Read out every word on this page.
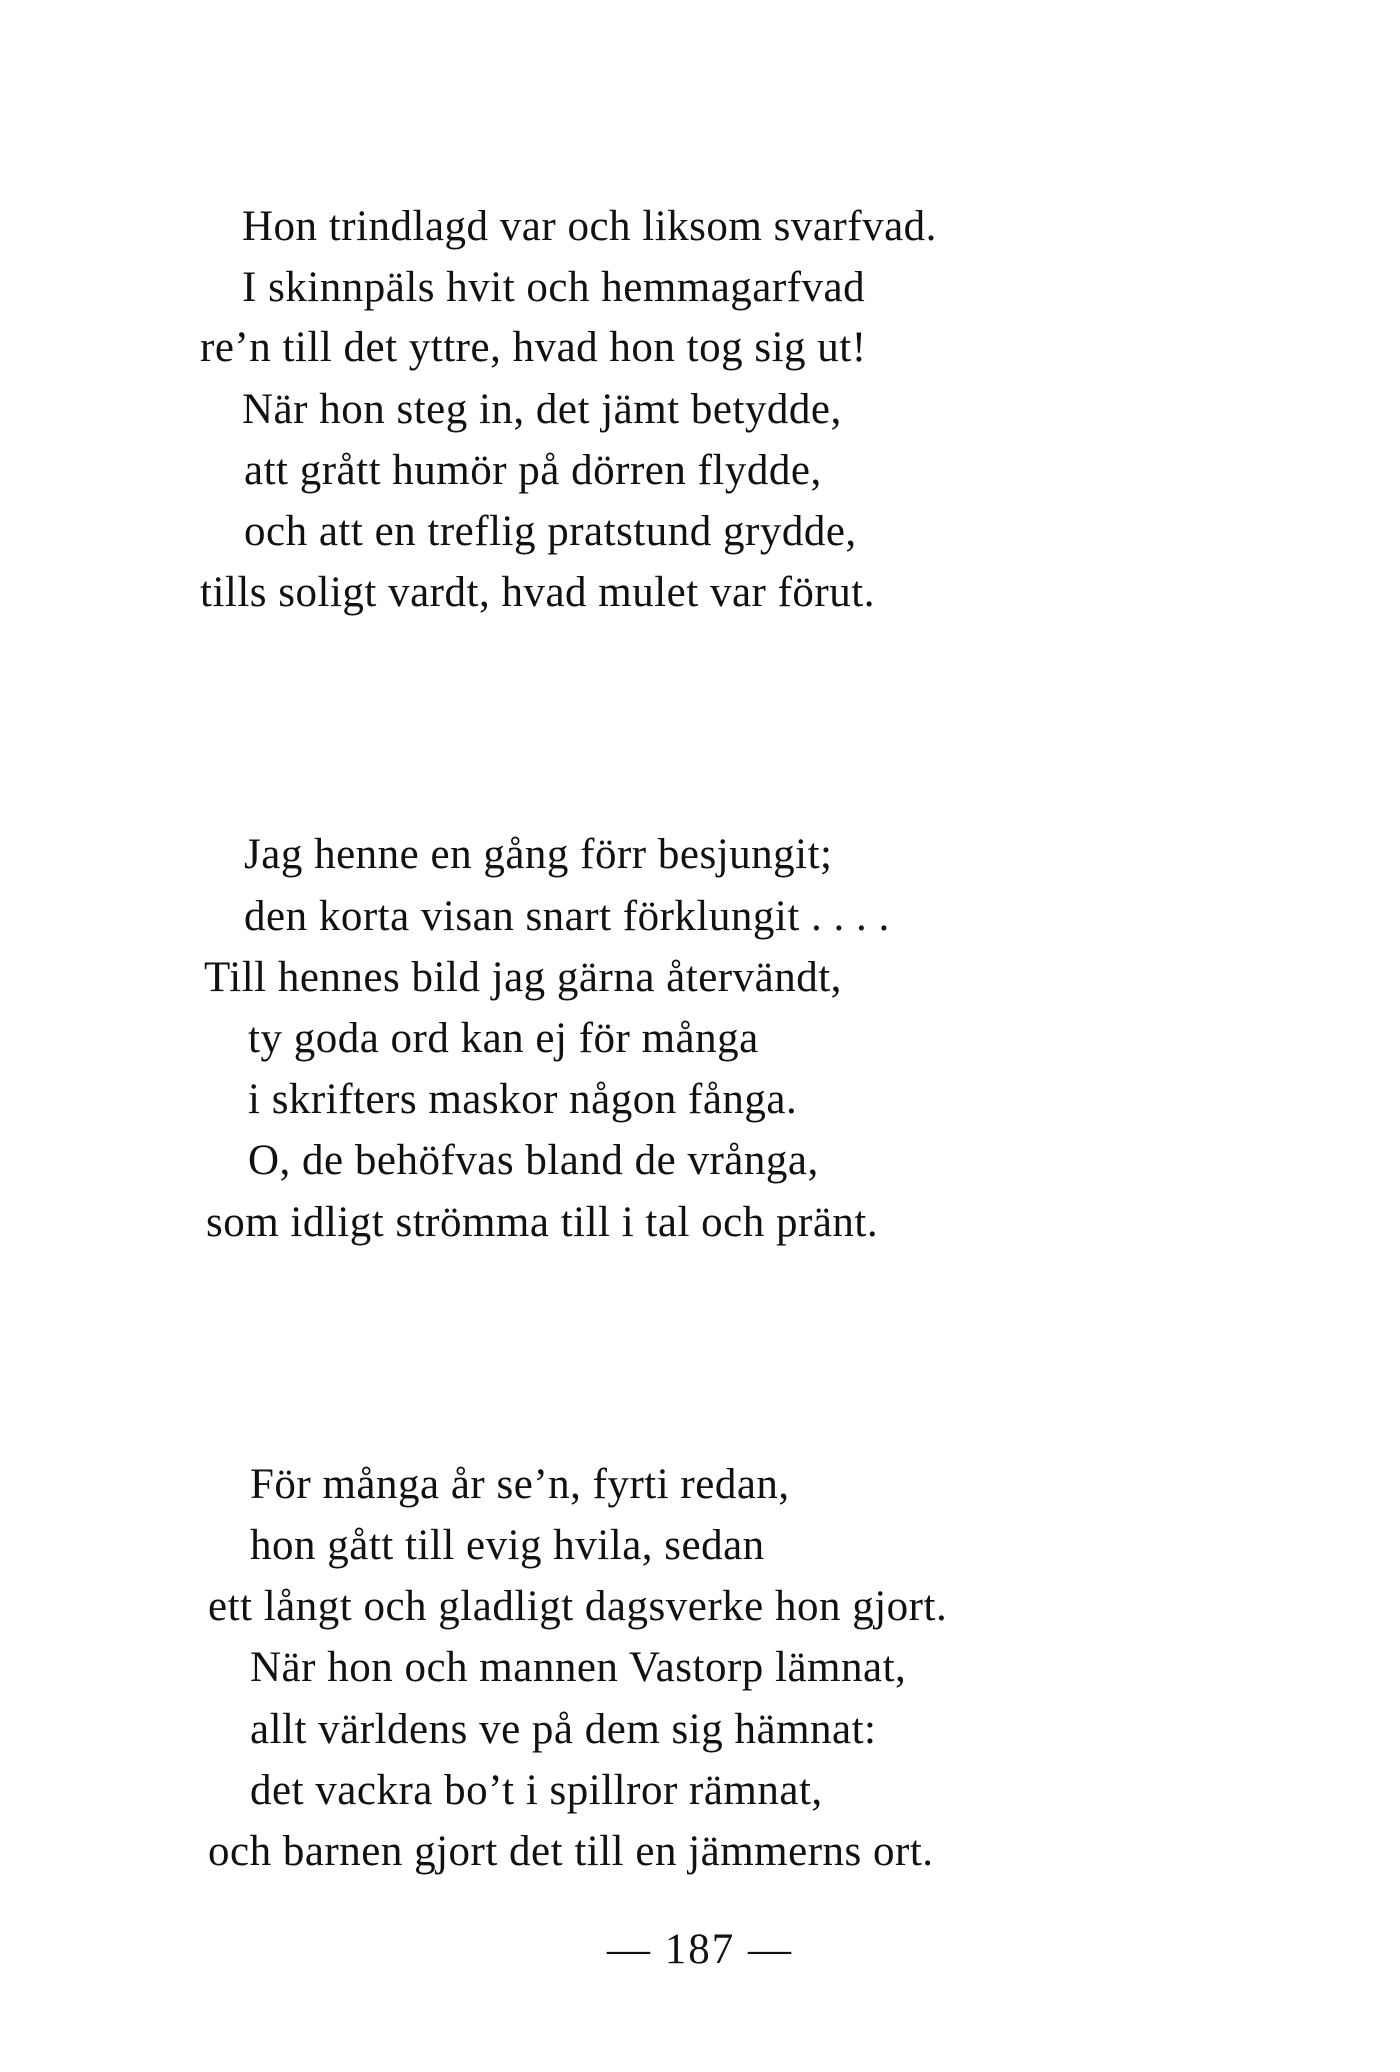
Hon trindlagd var och liksom svarfvad.
I skinnpäls hvit och hemmagarfvad
re’n till det yttre, hvad hon tog sig ut!
När hon steg in, det jämt betydde,
att grått humör på dörren flydde,
och att en treflig pratstund grydde,
tills soligt vardt, hvad mulet var förut.
Jag henne en gång förr besjungit;
den korta visan snart förklungit . . . .
Till hennes bild jag gärna återvändt,
ty goda ord kan ej för många
i skrifters maskor någon fånga.
O, de behöfvas bland de vrånga,
som idligt strömma till i tal och pränt.
För många år se’n, fyrti redan,
hon gått till evig hvila, sedan
ett långt och gladligt dagsverke hon gjort.
När hon och mannen Vastorp lämnat,
allt världens ve på dem sig hämnat:
det vackra bo’t i spillror rämnat,
och barnen gjort det till en jämmerns ort.
— 187 —
